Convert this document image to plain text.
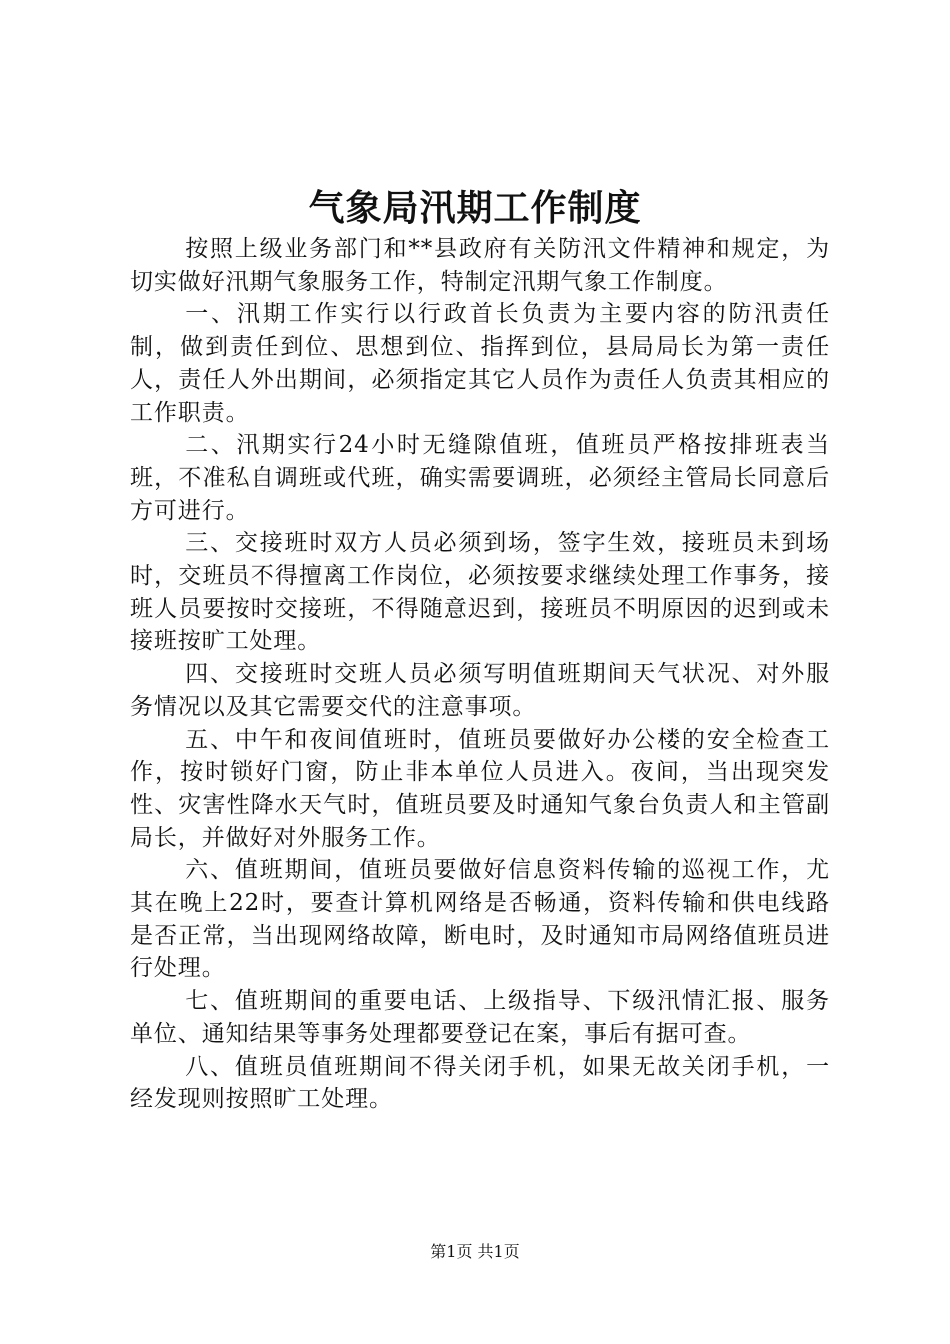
气象局汛期工作制度

按照上级业务部门和**县政府有关防汛文件精神和规定，为切实做好汛期气象服务工作，特制定汛期气象工作制度。

一、汛期工作实行以行政首长负责为主要内容的防汛责任制，做到责任到位、思想到位、指挥到位，县局局长为第一责任人，责任人外出期间，必须指定其它人员作为责任人负责其相应的工作职责。

二、汛期实行24小时无缝隙值班，值班员严格按排班表当班，不准私自调班或代班，确实需要调班，必须经主管局长同意后方可进行。

三、交接班时双方人员必须到场，签字生效，接班员未到场时，交班员不得擅离工作岗位，必须按要求继续处理工作事务，接班人员要按时交接班，不得随意迟到，接班员不明原因的迟到或未接班按旷工处理。

四、交接班时交班人员必须写明值班期间天气状况、对外服务情况以及其它需要交代的注意事项。

五、中午和夜间值班时，值班员要做好办公楼的安全检查工作，按时锁好门窗，防止非本单位人员进入。夜间，当出现突发性、灾害性降水天气时，值班员要及时通知气象台负责人和主管副局长，并做好对外服务工作。

六、值班期间，值班员要做好信息资料传输的巡视工作，尤其在晚上22时，要查计算机网络是否畅通，资料传输和供电线路是否正常，当出现网络故障，断电时，及时通知市局网络值班员进行处理。

七、值班期间的重要电话、上级指导、下级汛情汇报、服务单位、通知结果等事务处理都要登记在案，事后有据可查。

八、值班员值班期间不得关闭手机，如果无故关闭手机，一经发现则按照旷工处理。

第1页 共1页
